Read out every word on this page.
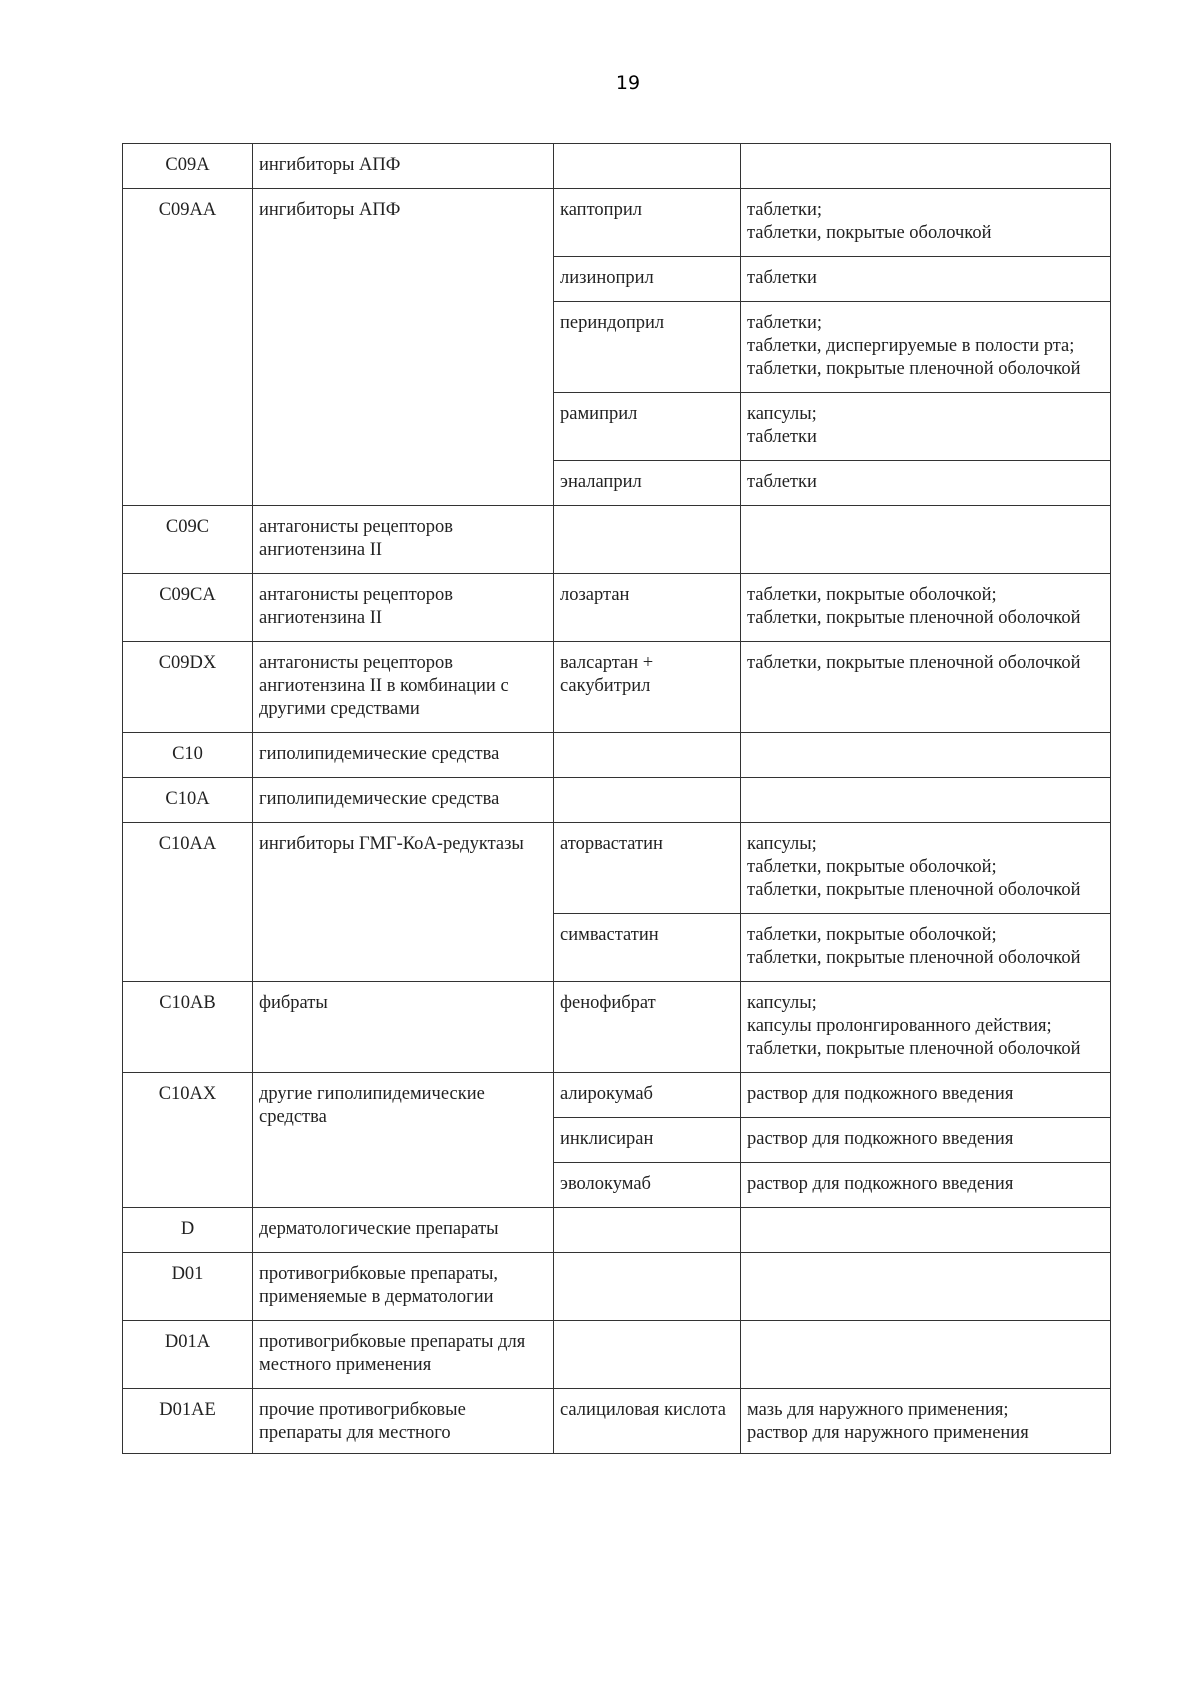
19
C09A	ингибиторы АПФ		
C09AA	ингибиторы АПФ	каптоприл	таблетки;
таблетки, покрытые оболочкой
		лизиноприл	таблетки
		периндоприл	таблетки;
таблетки, диспергируемые в полости рта;
таблетки, покрытые пленочной оболочкой
		рамиприл	капсулы;
таблетки
		эналаприл	таблетки
C09C	антагонисты рецепторов ангиотензина II		
C09CA	антагонисты рецепторов ангиотензина II	лозартан	таблетки, покрытые оболочкой;
таблетки, покрытые пленочной оболочкой
C09DX	антагонисты рецепторов ангиотензина II в комбинации с другими средствами	валсартан + сакубитрил	таблетки, покрытые пленочной оболочкой
C10	гиполипидемические средства		
C10A	гиполипидемические средства		
C10AA	ингибиторы ГМГ-КоА-редуктазы	аторвастатин	капсулы;
таблетки, покрытые оболочкой;
таблетки, покрытые пленочной оболочкой
		симвастатин	таблетки, покрытые оболочкой;
таблетки, покрытые пленочной оболочкой
C10AB	фибраты	фенофибрат	капсулы;
капсулы пролонгированного действия;
таблетки, покрытые пленочной оболочкой
C10AX	другие гиполипидемические средства	алирокумаб	раствор для подкожного введения
		инклисиран	раствор для подкожного введения
		эволокумаб	раствор для подкожного введения
D	дерматологические препараты		
D01	противогрибковые препараты, применяемые в дерматологии		
D01A	противогрибковые препараты для местного применения		
D01AE	прочие противогрибковые препараты для местного	салициловая кислота	мазь для наружного применения;
раствор для наружного применения
